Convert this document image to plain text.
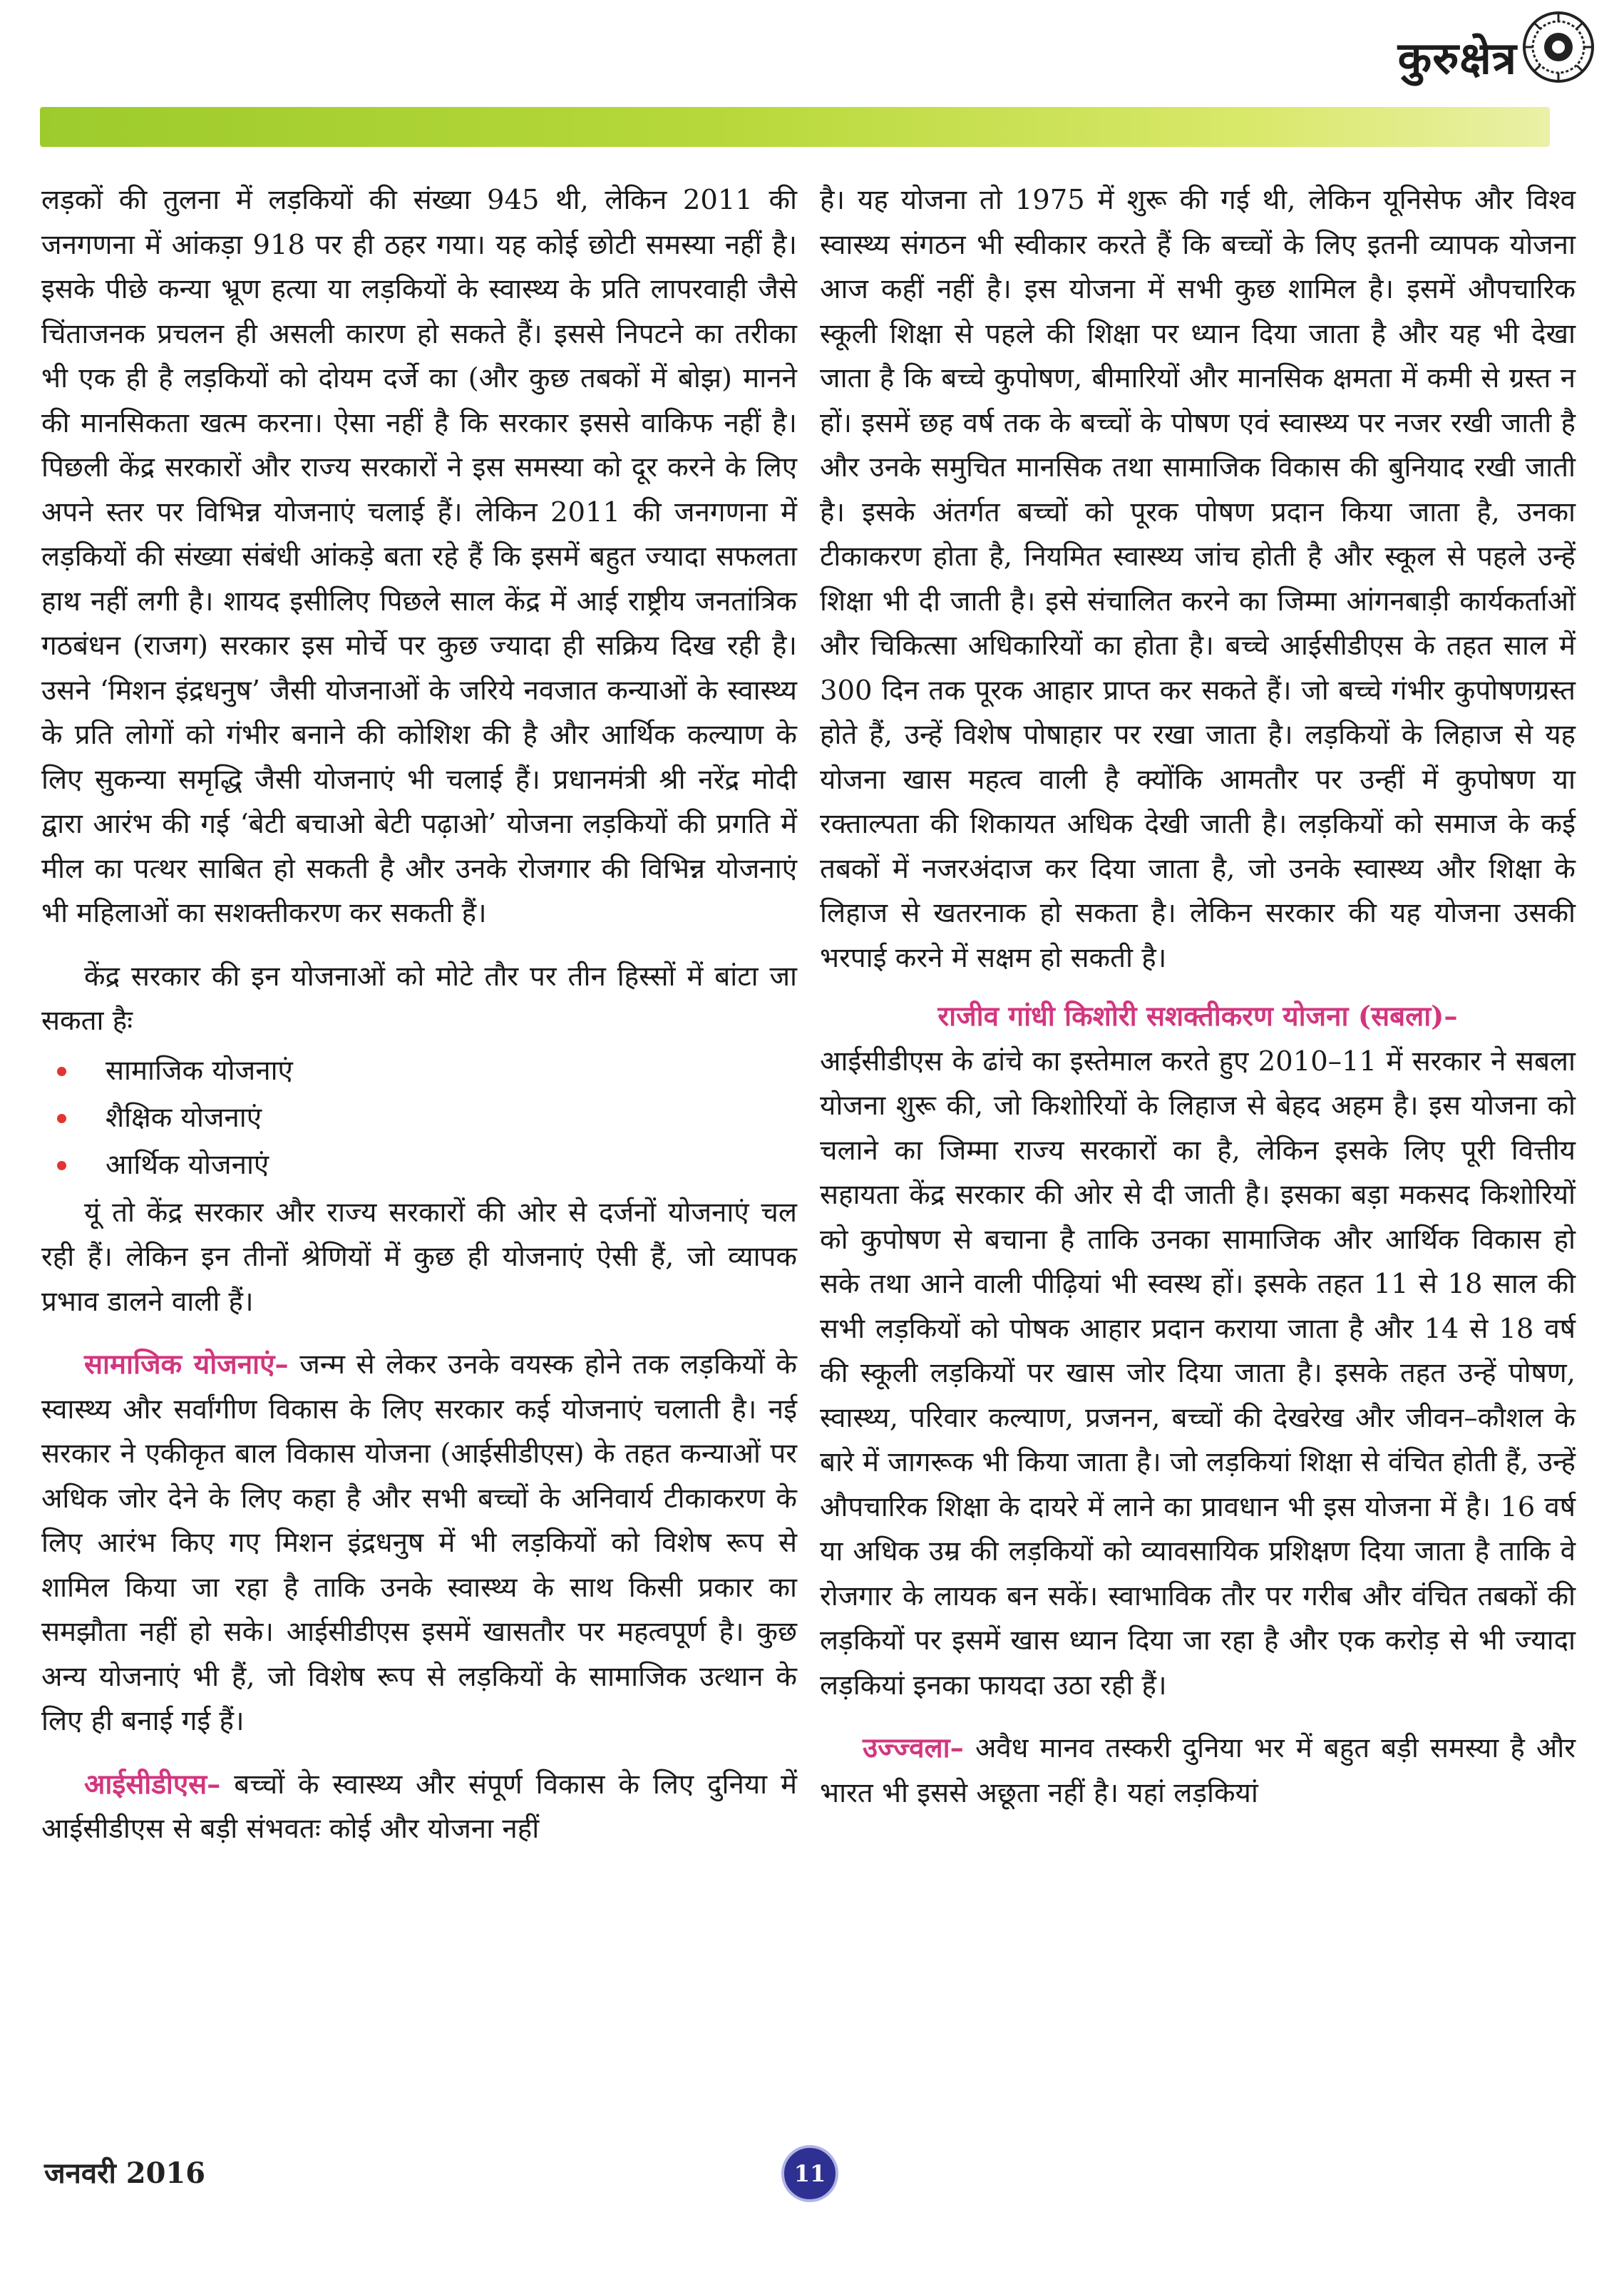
कुरुक्षेत्र

लड़कों की तुलना में लड़कियों की संख्या 945 थी, लेकिन 2011 की जनगणना में आंकड़ा 918 पर ही ठहर गया। यह कोई छोटी समस्या नहीं है। इसके पीछे कन्या भ्रूण हत्या या लड़कियों के स्वास्थ्य के प्रति लापरवाही जैसे चिंताजनक प्रचलन ही असली कारण हो सकते हैं। इससे निपटने का तरीका भी एक ही है लड़कियों को दोयम दर्जे का (और कुछ तबकों में बोझ) मानने की मानसिकता खत्म करना। ऐसा नहीं है कि सरकार इससे वाकिफ नहीं है। पिछली केंद्र सरकारों और राज्य सरकारों ने इस समस्या को दूर करने के लिए अपने स्तर पर विभिन्न योजनाएं चलाई हैं। लेकिन 2011 की जनगणना में लड़कियों की संख्या संबंधी आंकड़े बता रहे हैं कि इसमें बहुत ज्यादा सफलता हाथ नहीं लगी है। शायद इसीलिए पिछले साल केंद्र में आई राष्ट्रीय जनतांत्रिक गठबंधन (राजग) सरकार इस मोर्चे पर कुछ ज्यादा ही सक्रिय दिख रही है। उसने ‘मिशन इंद्रधनुष’ जैसी योजनाओं के जरिये नवजात कन्याओं के स्वास्थ्य के प्रति लोगों को गंभीर बनाने की कोशिश की है और आर्थिक कल्याण के लिए सुकन्या समृद्धि जैसी योजनाएं भी चलाई हैं। प्रधानमंत्री श्री नरेंद्र मोदी द्वारा आरंभ की गई ‘बेटी बचाओ बेटी पढ़ाओ’ योजना लड़कियों की प्रगति में मील का पत्थर साबित हो सकती है और उनके रोजगार की विभिन्न योजनाएं भी महिलाओं का सशक्तीकरण कर सकती हैं।

केंद्र सरकार की इन योजनाओं को मोटे तौर पर तीन हिस्सों में बांटा जा सकता हैः

सामाजिक योजनाएं
शैक्षिक योजनाएं
आर्थिक योजनाएं

यूं तो केंद्र सरकार और राज्य सरकारों की ओर से दर्जनों योजनाएं चल रही हैं। लेकिन इन तीनों श्रेणियों में कुछ ही योजनाएं ऐसी हैं, जो व्यापक प्रभाव डालने वाली हैं।

सामाजिक योजनाएं– जन्म से लेकर उनके वयस्क होने तक लड़कियों के स्वास्थ्य और सर्वांगीण विकास के लिए सरकार कई योजनाएं चलाती है। नई सरकार ने एकीकृत बाल विकास योजना (आईसीडीएस) के तहत कन्याओं पर अधिक जोर देने के लिए कहा है और सभी बच्चों के अनिवार्य टीकाकरण के लिए आरंभ किए गए मिशन इंद्रधनुष में भी लड़कियों को विशेष रूप से शामिल किया जा रहा है ताकि उनके स्वास्थ्य के साथ किसी प्रकार का समझौता नहीं हो सके। आईसीडीएस इसमें खासतौर पर महत्वपूर्ण है। कुछ अन्य योजनाएं भी हैं, जो विशेष रूप से लड़कियों के सामाजिक उत्थान के लिए ही बनाई गई हैं।

आईसीडीएस– बच्चों के स्वास्थ्य और संपूर्ण विकास के लिए दुनिया में आईसीडीएस से बड़ी संभवतः कोई और योजना नहीं

है। यह योजना तो 1975 में शुरू की गई थी, लेकिन यूनिसेफ और विश्व स्वास्थ्य संगठन भी स्वीकार करते हैं कि बच्चों के लिए इतनी व्यापक योजना आज कहीं नहीं है। इस योजना में सभी कुछ शामिल है। इसमें औपचारिक स्कूली शिक्षा से पहले की शिक्षा पर ध्यान दिया जाता है और यह भी देखा जाता है कि बच्चे कुपोषण, बीमारियों और मानसिक क्षमता में कमी से ग्रस्त न हों। इसमें छह वर्ष तक के बच्चों के पोषण एवं स्वास्थ्य पर नजर रखी जाती है और उनके समुचित मानसिक तथा सामाजिक विकास की बुनियाद रखी जाती है। इसके अंतर्गत बच्चों को पूरक पोषण प्रदान किया जाता है, उनका टीकाकरण होता है, नियमित स्वास्थ्य जांच होती है और स्कूल से पहले उन्हें शिक्षा भी दी जाती है। इसे संचालित करने का जिम्मा आंगनबाड़ी कार्यकर्ताओं और चिकित्सा अधिकारियों का होता है। बच्चे आईसीडीएस के तहत साल में 300 दिन तक पूरक आहार प्राप्त कर सकते हैं। जो बच्चे गंभीर कुपोषणग्रस्त होते हैं, उन्हें विशेष पोषाहार पर रखा जाता है। लड़कियों के लिहाज से यह योजना खास महत्व वाली है क्योंकि आमतौर पर उन्हीं में कुपोषण या रक्ताल्पता की शिकायत अधिक देखी जाती है। लड़कियों को समाज के कई तबकों में नजरअंदाज कर दिया जाता है, जो उनके स्वास्थ्य और शिक्षा के लिहाज से खतरनाक हो सकता है। लेकिन सरकार की यह योजना उसकी भरपाई करने में सक्षम हो सकती है।

राजीव गांधी किशोरी सशक्तीकरण योजना (सबला)–

आईसीडीएस के ढांचे का इस्तेमाल करते हुए 2010–11 में सरकार ने सबला योजना शुरू की, जो किशोरियों के लिहाज से बेहद अहम है। इस योजना को चलाने का जिम्मा राज्य सरकारों का है, लेकिन इसके लिए पूरी वित्तीय सहायता केंद्र सरकार की ओर से दी जाती है। इसका बड़ा मकसद किशोरियों को कुपोषण से बचाना है ताकि उनका सामाजिक और आर्थिक विकास हो सके तथा आने वाली पीढ़ियां भी स्वस्थ हों। इसके तहत 11 से 18 साल की सभी लड़कियों को पोषक आहार प्रदान कराया जाता है और 14 से 18 वर्ष की स्कूली लड़कियों पर खास जोर दिया जाता है। इसके तहत उन्हें पोषण, स्वास्थ्य, परिवार कल्याण, प्रजनन, बच्चों की देखरेख और जीवन–कौशल के बारे में जागरूक भी किया जाता है। जो लड़कियां शिक्षा से वंचित होती हैं, उन्हें औपचारिक शिक्षा के दायरे में लाने का प्रावधान भी इस योजना में है। 16 वर्ष या अधिक उम्र की लड़कियों को व्यावसायिक प्रशिक्षण दिया जाता है ताकि वे रोजगार के लायक बन सकें। स्वाभाविक तौर पर गरीब और वंचित तबकों की लड़कियों पर इसमें खास ध्यान दिया जा रहा है और एक करोड़ से भी ज्यादा लड़कियां इनका फायदा उठा रही हैं।

उज्ज्वला– अवैध मानव तस्करी दुनिया भर में बहुत बड़ी समस्या है और भारत भी इससे अछूता नहीं है। यहां लड़कियां

जनवरी 2016	11
